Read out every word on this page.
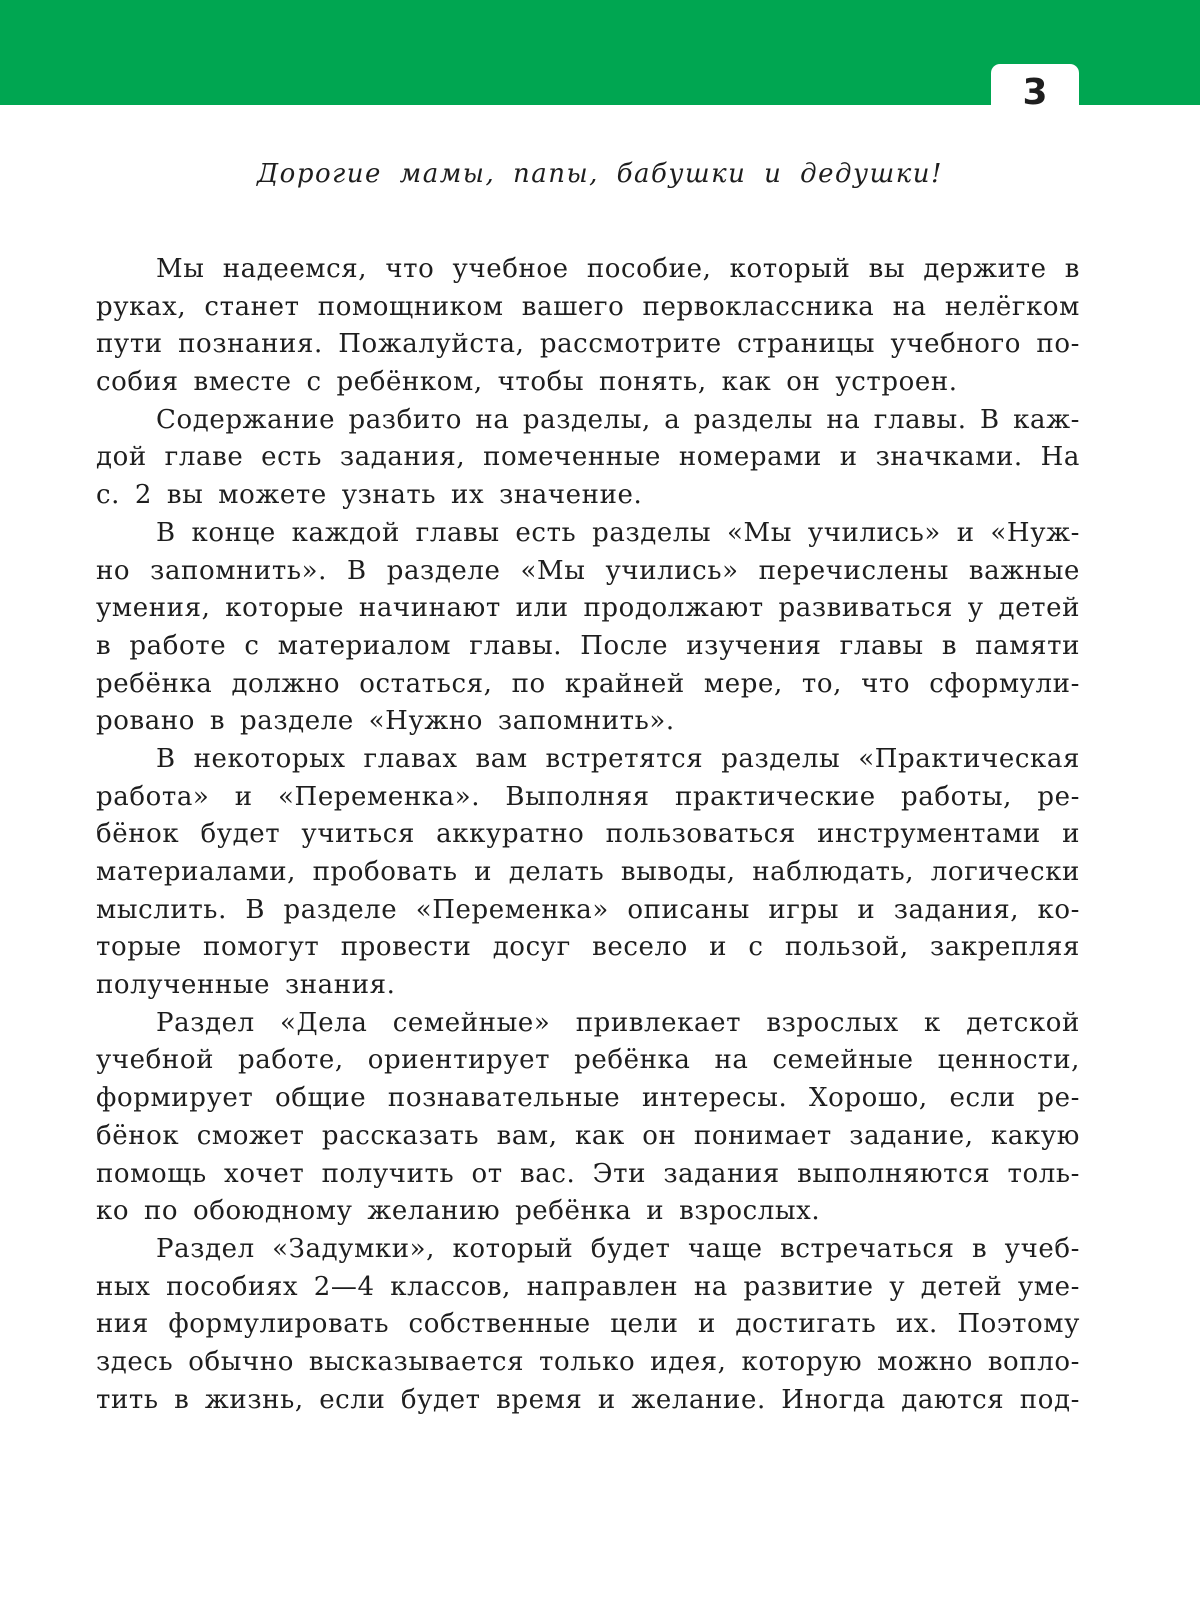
3
Дорогие мамы, папы, бабушки и дедушки!
Мы надеемся, что учебное пособие, который вы держите в
руках, станет помощником вашего первоклассника на нелёгком
пути познания. Пожалуйста, рассмотрите страницы учебного по-
собия вместе с ребёнком, чтобы понять, как он устроен.
Содержание разбито на разделы, а разделы на главы. В каж-
дой главе есть задания, помеченные номерами и значками. На
с. 2 вы можете узнать их значение.
В конце каждой главы есть разделы «Мы учились» и «Нуж-
но запомнить». В разделе «Мы учились» перечислены важные
умения, которые начинают или продолжают развиваться у детей
в работе с материалом главы. После изучения главы в памяти
ребёнка должно остаться, по крайней мере, то, что сформули-
ровано в разделе «Нужно запомнить».
В некоторых главах вам встретятся разделы «Практическая
работа» и «Переменка». Выполняя практические работы, ре-
бёнок будет учиться аккуратно пользоваться инструментами и
материалами, пробовать и делать выводы, наблюдать, логически
мыслить. В разделе «Переменка» описаны игры и задания, ко-
торые помогут провести досуг весело и с пользой, закрепляя
полученные знания.
Раздел «Дела семейные» привлекает взрослых к детской
учебной работе, ориентирует ребёнка на семейные ценности,
формирует общие познавательные интересы. Хорошо, если ре-
бёнок сможет рассказать вам, как он понимает задание, какую
помощь хочет получить от вас. Эти задания выполняются толь-
ко по обоюдному желанию ребёнка и взрослых.
Раздел «Задумки», который будет чаще встречаться в учеб-
ных пособиях 2—4 классов, направлен на развитие у детей уме-
ния формулировать собственные цели и достигать их. Поэтому
здесь обычно высказывается только идея, которую можно вопло-
тить в жизнь, если будет время и желание. Иногда даются под-
